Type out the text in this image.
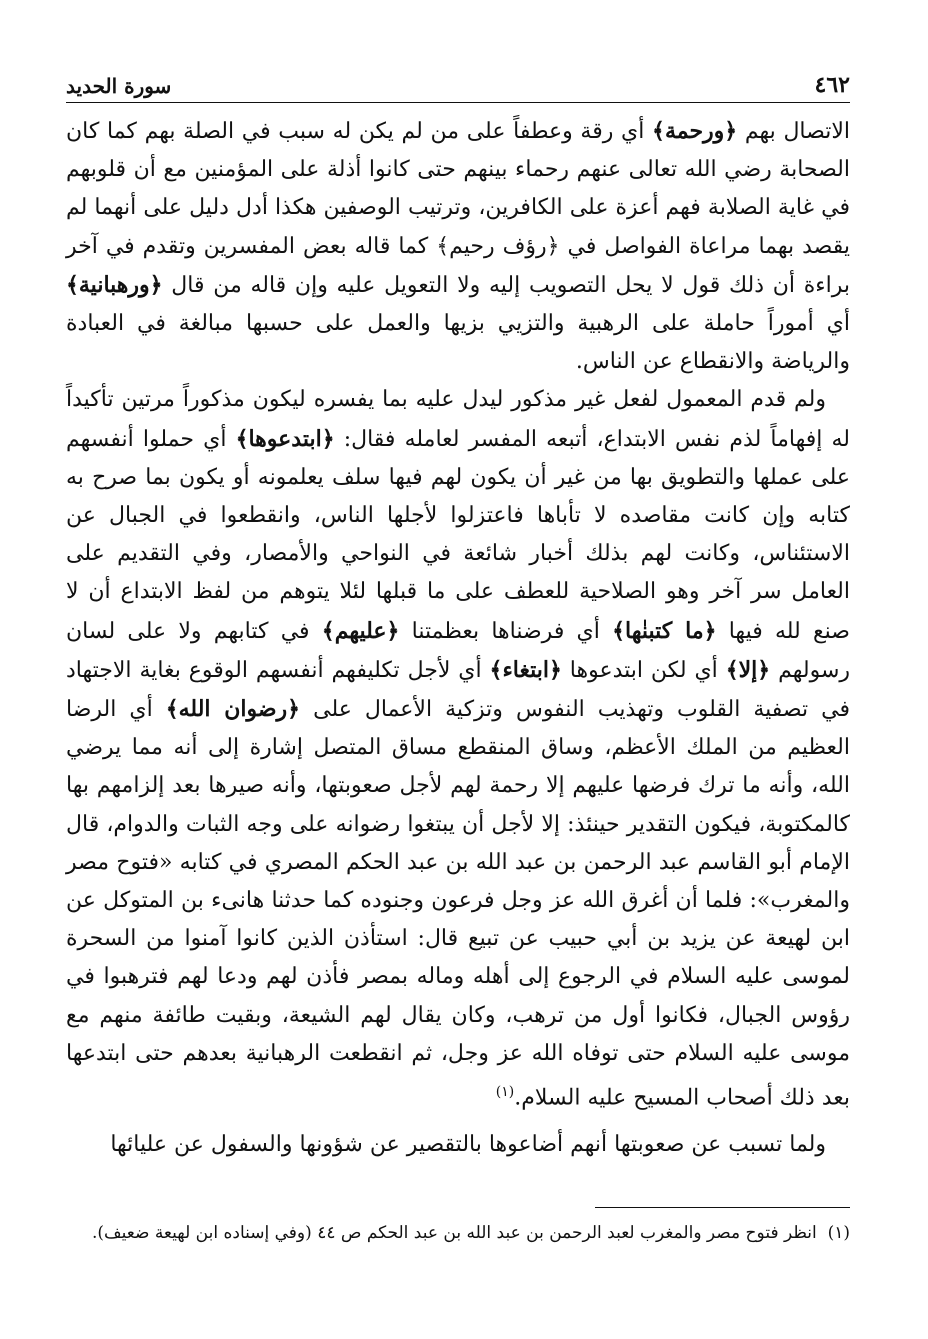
٤٦٢
سورة الحديد

الاتصال بهم ﴿ورحمة﴾ أي رقة وعطفاً على من لم يكن له سبب في الصلة بهم كما كان الصحابة رضي الله تعالى عنهم رحماء بينهم حتى كانوا أذلة على المؤمنين مع أن قلوبهم في غاية الصلابة فهم أعزة على الكافرين، وترتيب الوصفين هكذا أدل دليل على أنهما لم يقصد بهما مراعاة الفواصل في ﴿رؤف رحيم﴾ كما قاله بعض المفسرين وتقدم في آخر براءة أن ذلك قول لا يحل التصويب إليه ولا التعويل عليه وإن قاله من قال ﴿ورهبانية﴾ أي أموراً حاملة على الرهبية والتزيي بزيها والعمل على حسبها مبالغة في العبادة والرياضة والانقطاع عن الناس.

ولم قدم المعمول لفعل غير مذكور ليدل عليه بما يفسره ليكون مذكوراً مرتين تأكيداً له إفهاماً لذم نفس الابتداع، أتبعه المفسر لعامله فقال: ﴿ابتدعوها﴾ أي حملوا أنفسهم على عملها والتطويق بها من غير أن يكون لهم فيها سلف يعلمونه أو يكون بما صرح به كتابه وإن كانت مقاصده لا تأباها فاعتزلوا لأجلها الناس، وانقطعوا في الجبال عن الاستئناس، وكانت لهم بذلك أخبار شائعة في النواحي والأمصار، وفي التقديم على العامل سر آخر وهو الصلاحية للعطف على ما قبلها لئلا يتوهم من لفظ الابتداع أن لا صنع لله فيها ﴿ما كتبنٰها﴾ أي فرضناها بعظمتنا ﴿عليهم﴾ في كتابهم ولا على لسان رسولهم ﴿إلا﴾ أي لكن ابتدعوها ﴿ابتغاء﴾ أي لأجل تكليفهم أنفسهم الوقوع بغاية الاجتهاد في تصفية القلوب وتهذيب النفوس وتزكية الأعمال على ﴿رضوان الله﴾ أي الرضا العظيم من الملك الأعظم، وساق المنقطع مساق المتصل إشارة إلى أنه مما يرضي الله، وأنه ما ترك فرضها عليهم إلا رحمة لهم لأجل صعوبتها، وأنه صيرها بعد إلزامهم بها كالمكتوبة، فيكون التقدير حينئذ: إلا لأجل أن يبتغوا رضوانه على وجه الثبات والدوام، قال الإمام أبو القاسم عبد الرحمن بن عبد الله بن عبد الحكم المصري في كتابه «فتوح مصر والمغرب»: فلما أن أغرق الله عز وجل فرعون وجنوده كما حدثنا هانىء بن المتوكل عن ابن لهيعة عن يزيد بن أبي حبيب عن تبيع قال: استأذن الذين كانوا آمنوا من السحرة لموسى عليه السلام في الرجوع إلى أهله وماله بمصر فأذن لهم ودعا لهم فترهبوا في رؤوس الجبال، فكانوا أول من ترهب، وكان يقال لهم الشيعة، وبقيت طائفة منهم مع موسى عليه السلام حتى توفاه الله عز وجل، ثم انقطعت الرهبانية بعدهم حتى ابتدعها بعد ذلك أصحاب المسيح عليه السلام.$^{(١)}$

ولما تسبب عن صعوبتها أنهم أضاعوها بالتقصير عن شؤونها والسفول عن عليائها

(١)  انظر فتوح مصر والمغرب لعبد الرحمن بن عبد الله بن عبد الحكم ص ٤٤ (وفي إسناده ابن لهيعة ضعيف).
